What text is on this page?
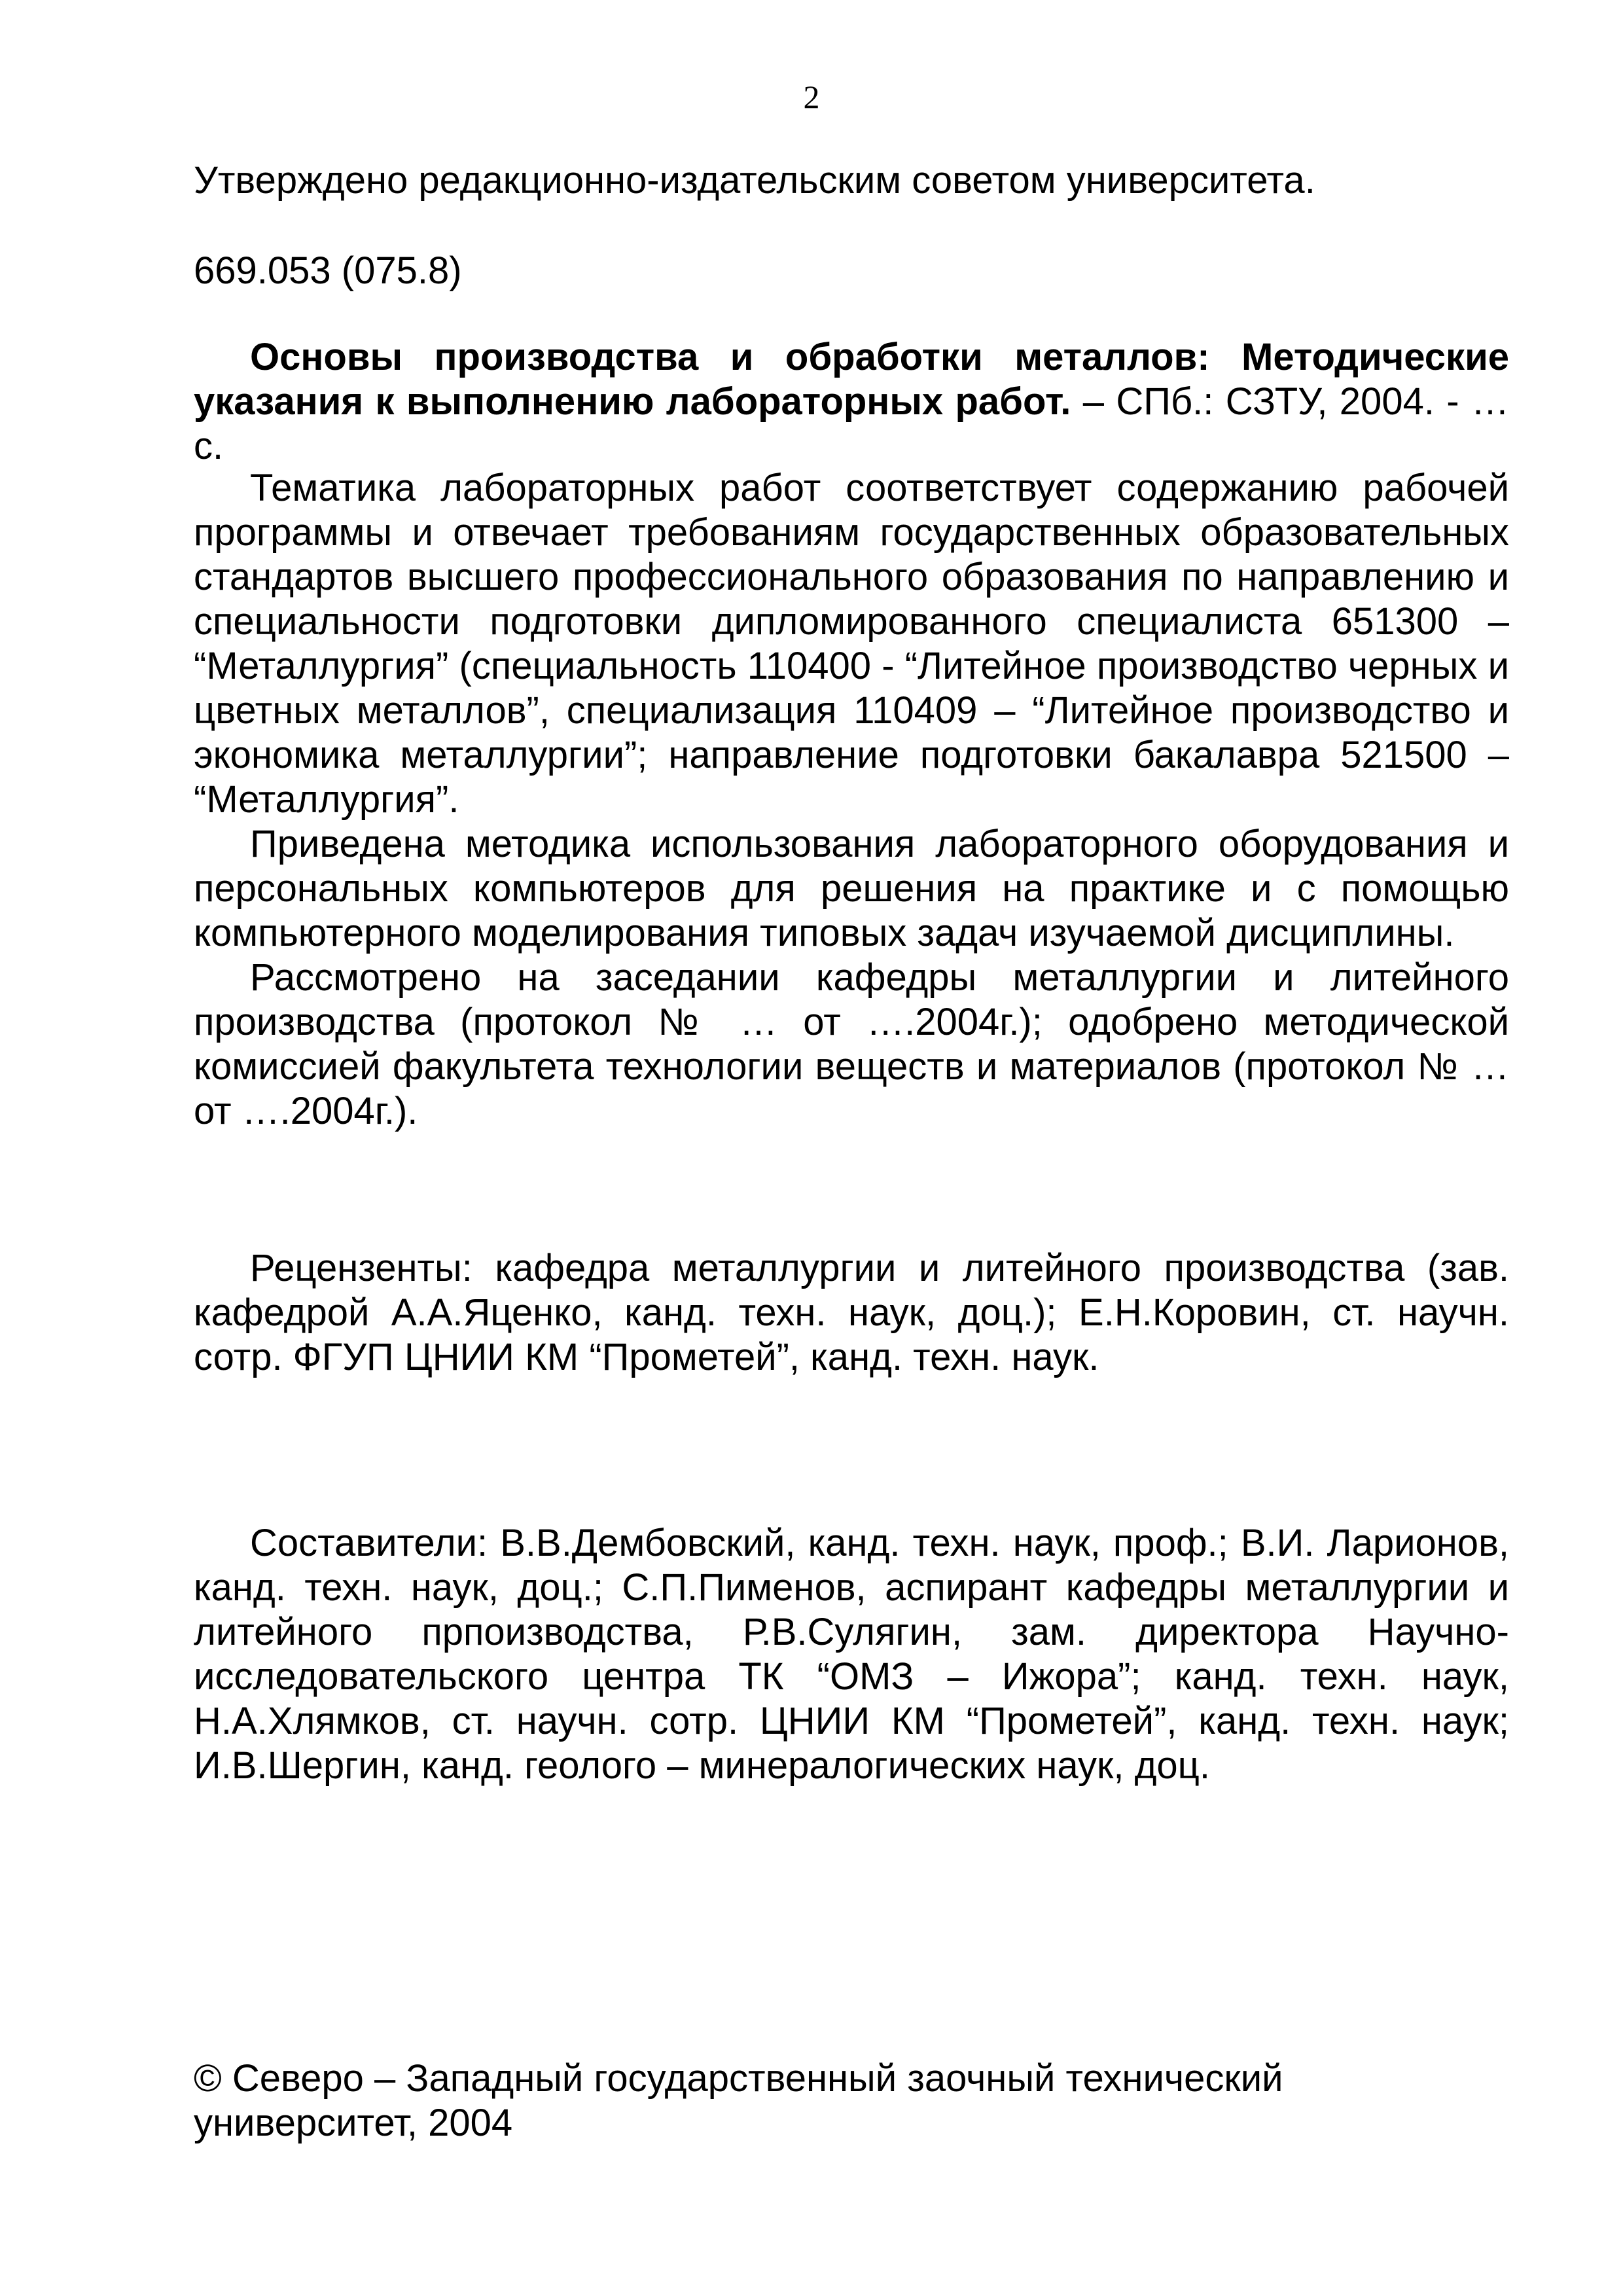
2

Утверждено редакционно-издательским советом университета.

669.053 (075.8)

Основы производства и обработки металлов: Методические указания к выполнению лабораторных работ. – СПб.: СЗТУ, 2004. - …с.

Тематика лабораторных работ соответствует содержанию рабочей программы и отвечает требованиям государственных образовательных стандартов высшего профессионального образования по направлению и специальности подготовки дипломированного специалиста 651300 – “Металлургия” (специальность 110400 - “Литейное производство черных и цветных металлов”, специализация 110409 – “Литейное производство и экономика металлургии”; направление подготовки бакалавра 521500 – “Металлургия”.

Приведена методика использования лабораторного оборудования и персональных компьютеров для решения на практике и с помощью компьютерного моделирования типовых задач изучаемой дисциплины.

Рассмотрено на заседании кафедры металлургии и литейного производства (протокол № … от ….2004г.); одобрено методической комиссией факультета технологии веществ и материалов (протокол № … от ….2004г.).

Рецензенты: кафедра металлургии и литейного производства (зав. кафедрой А.А.Яценко, канд. техн. наук, доц.); Е.Н.Коровин, ст. научн. сотр. ФГУП ЦНИИ КМ “Прометей”, канд. техн. наук.

Составители: В.В.Дембовский, канд. техн. наук, проф.; В.И. Ларионов, канд. техн. наук, доц.; С.П.Пименов, аспирант кафедры металлургии и литейного прпоизводства, Р.В.Сулягин, зам. директора Научно-исследовательского центра ТК “ОМЗ – Ижора”; канд. техн. наук, Н.А.Хлямков, ст. научн. сотр. ЦНИИ КМ “Прометей”, канд. техн. наук; И.В.Шергин, канд. геолого – минералогических наук, доц.

© Северо – Западный государственный заочный технический университет, 2004
